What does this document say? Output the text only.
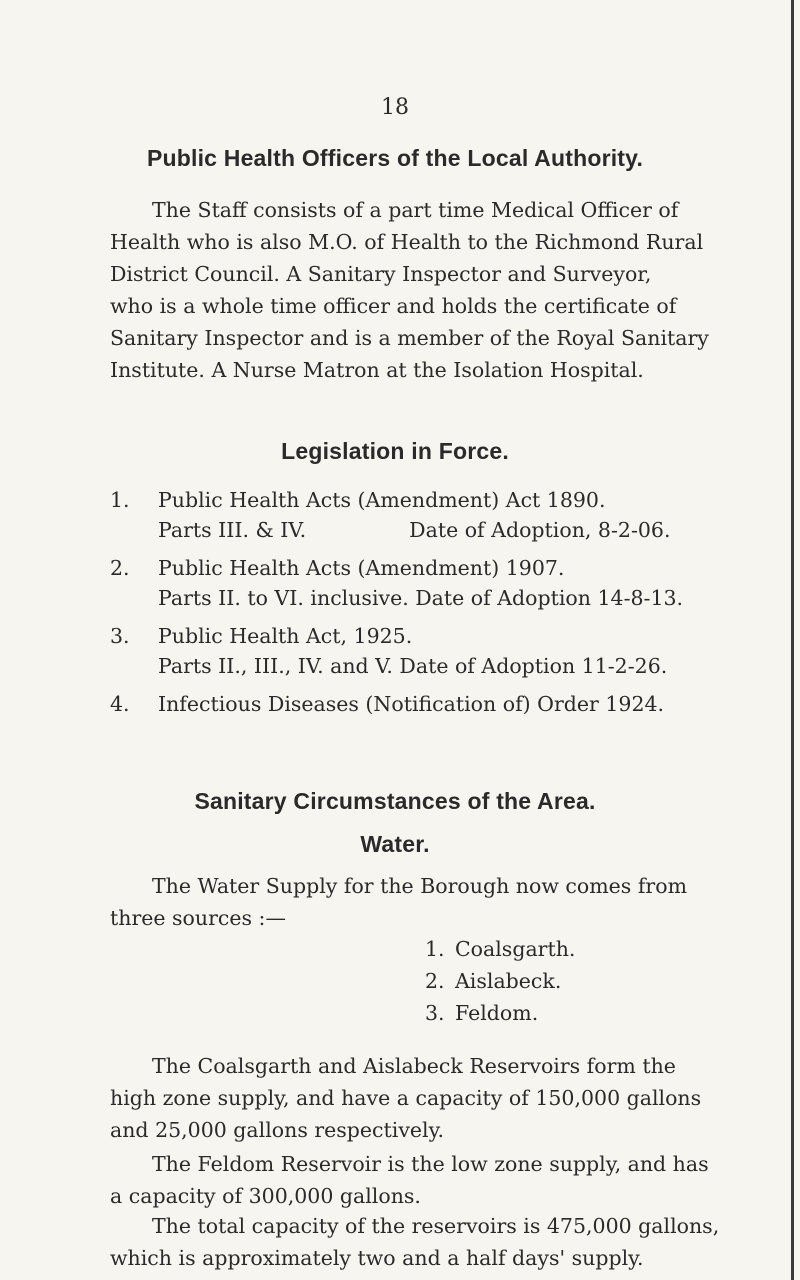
18
Public Health Officers of the Local Authority.
The Staff consists of a part time Medical Officer of
Health who is also M.O. of Health to the Richmond Rural
District Council. A Sanitary Inspector and Surveyor,
who is a whole time officer and holds the certificate of
Sanitary Inspector and is a member of the Royal Sanitary
Institute. A Nurse Matron at the Isolation Hospital.
Legislation in Force.
1. Public Health Acts (Amendment) Act 1890.
Parts III. & IV.	Date of Adoption, 8-2-06.
2. Public Health Acts (Amendment) 1907.
Parts II. to VI. inclusive. Date of Adoption 14-8-13.
3. Public Health Act, 1925.
Parts II., III., IV. and V. Date of Adoption 11-2-26.
4. Infectious Diseases (Notification of) Order 1924.
Sanitary Circumstances of the Area.
Water.
The Water Supply for the Borough now comes from
three sources :—
1. Coalsgarth.
2. Aislabeck.
3. Feldom.
The Coalsgarth and Aislabeck Reservoirs form the
high zone supply, and have a capacity of 150,000 gallons
and 25,000 gallons respectively.
The Feldom Reservoir is the low zone supply, and has
a capacity of 300,000 gallons.
The total capacity of the reservoirs is 475,000 gallons,
which is approximately two and a half days' supply.
